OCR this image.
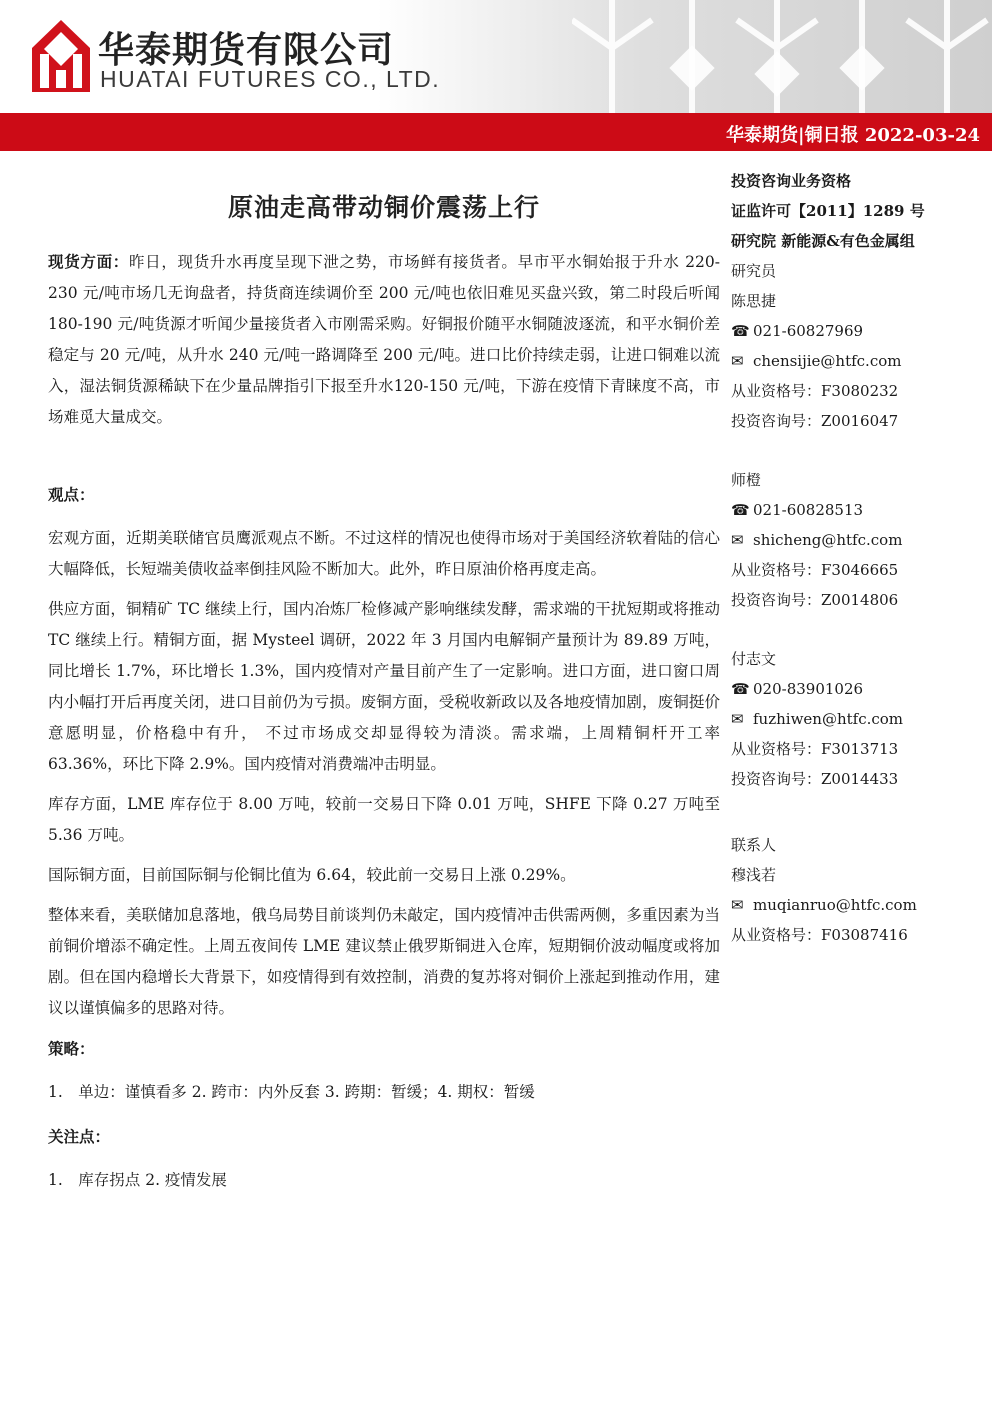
华泰期货有限公司
HUATAI FUTURES CO., LTD.
华泰期货|铜日报 2022-03-24
原油走高带动铜价震荡上行

现货方面：昨日，现货升水再度呈现下泄之势，市场鲜有接货者。早市平水铜始报于升水 220-230 元/吨市场几无询盘者，持货商连续调价至 200 元/吨也依旧难见买盘兴致，第二时段后听闻 180-190 元/吨货源才听闻少量接货者入市刚需采购。好铜报价随平水铜随波逐流，和平水铜价差稳定与 20 元/吨，从升水 240 元/吨一路调降至 200 元/吨。进口比价持续走弱，让进口铜难以流入，湿法铜货源稀缺下在少量品牌指引下报至升水120-150 元/吨，下游在疫情下青睐度不高，市场难觅大量成交。

观点：

宏观方面，近期美联储官员鹰派观点不断。不过这样的情况也使得市场对于美国经济软着陆的信心大幅降低，长短端美债收益率倒挂风险不断加大。此外，昨日原油价格再度走高。

供应方面，铜精矿 TC 继续上行，国内冶炼厂检修减产影响继续发酵，需求端的干扰短期或将推动 TC 继续上行。精铜方面，据 Mysteel 调研，2022 年 3 月国内电解铜产量预计为 89.89 万吨，同比增长 1.7%，环比增长 1.3%，国内疫情对产量目前产生了一定影响。进口方面，进口窗口周内小幅打开后再度关闭，进口目前仍为亏损。废铜方面，受税收新政以及各地疫情加剧，废铜挺价意愿明显，价格稳中有升， 不过市场成交却显得较为清淡。需求端，上周精铜杆开工率 63.36%，环比下降 2.9%。国内疫情对消费端冲击明显。

库存方面，LME 库存位于 8.00 万吨，较前一交易日下降 0.01 万吨，SHFE 下降 0.27 万吨至 5.36 万吨。

国际铜方面，目前国际铜与伦铜比值为 6.64，较此前一交易日上涨 0.29%。

整体来看，美联储加息落地，俄乌局势目前谈判仍未敲定，国内疫情冲击供需两侧，多重因素为当前铜价增添不确定性。上周五夜间传 LME 建议禁止俄罗斯铜进入仓库，短期铜价波动幅度或将加剧。但在国内稳增长大背景下，如疫情得到有效控制，消费的复苏将对铜价上涨起到推动作用，建议以谨慎偏多的思路对待。

策略：

1.　单边：谨慎看多 2. 跨市：内外反套 3. 跨期：暂缓；4. 期权：暂缓

关注点：

1.　库存拐点 2. 疫情发展

投资咨询业务资格
证监许可【2011】1289 号
研究院 新能源&有色金属组
研究员
陈思捷
☎ 021-60827969
✉ chensijie@htfc.com
从业资格号：F3080232
投资咨询号：Z0016047
师橙
☎ 021-60828513
✉ shicheng@htfc.com
从业资格号：F3046665
投资咨询号：Z0014806
付志文
☎ 020-83901026
✉ fuzhiwen@htfc.com
从业资格号：F3013713
投资咨询号：Z0014433
联系人
穆浅若
✉ muqianruo@htfc.com
从业资格号：F03087416
